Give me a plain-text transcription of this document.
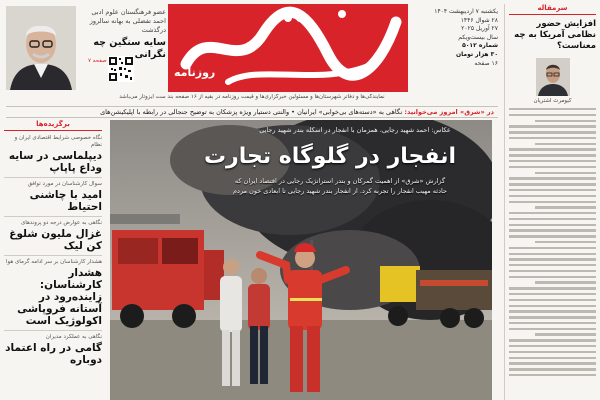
روزنامه
عضو فرهنگستان علوم ادبی
احمد تفضلی به بهانه سالروز درگذشت
سایه سنگین چه نگرانی
صفحه ۷
یکشنبه ۷ اردیبهشت ۱۴۰۴
۲۸ شوال ۱۴۴۶
۲۷ آوریل ۲۰۲۵
سال بیست‌ویکم
شماره ۵۰۱۲
۳۰ هزار تومان
۱۶ صفحه
نمایندگی‌ها و دفاتر شهرستان‌ها و مسئولین خبرگزاری‌ها و قیمت روزنامه در بقیه از ۱۶ صفحه بند ست ایزوتار می‌باشد
در «شرق» امروز می‌خوانید: نگاهی به «دسته‌های بی‌خوابی» ایرانیان • والنتی دستیار ویژه پزشکان به توضیح جنجالی در رابطه با اپلیکیشن‌های
برگزیده‌ها
نگاه خصوصی شرایط اقتصادی ایران و نظام
دیپلماسی در سایه وداع پاپاپ
سوال کارشناسان در مورد توافق
امید با چاشنی احتیاط
نگاهی به عوارض درجه دو پروندهای
غزال ملیون شلوغ کن لیک
هشدار کارشناسان بر سر ادامه گرمای هوا
هشدار کارشناسان: زاینده‌رود در آستانه فروپاشی اکولوژیک است
نگاهی به عملکرد مدیران
گامی در راه اعتماد دوباره
عکاس: احمد شهید رجایی، همزمان با انفجار در اسکله بندر شهید رجایی
انفجار در گلوگاه تجارت
گزارش «شرق» از اهمیت گمرکان و بندر استراتژیک رجایی در اقتصاد ایران که حادثه مهیب انفجار را تجربه کرد. از انفجار بندر شهید رجایی تا ابعادی خون مردم
سرمقاله
افزایش حضور نظامی آمریکا به چه معناست؟
کیومرث اشتریان
